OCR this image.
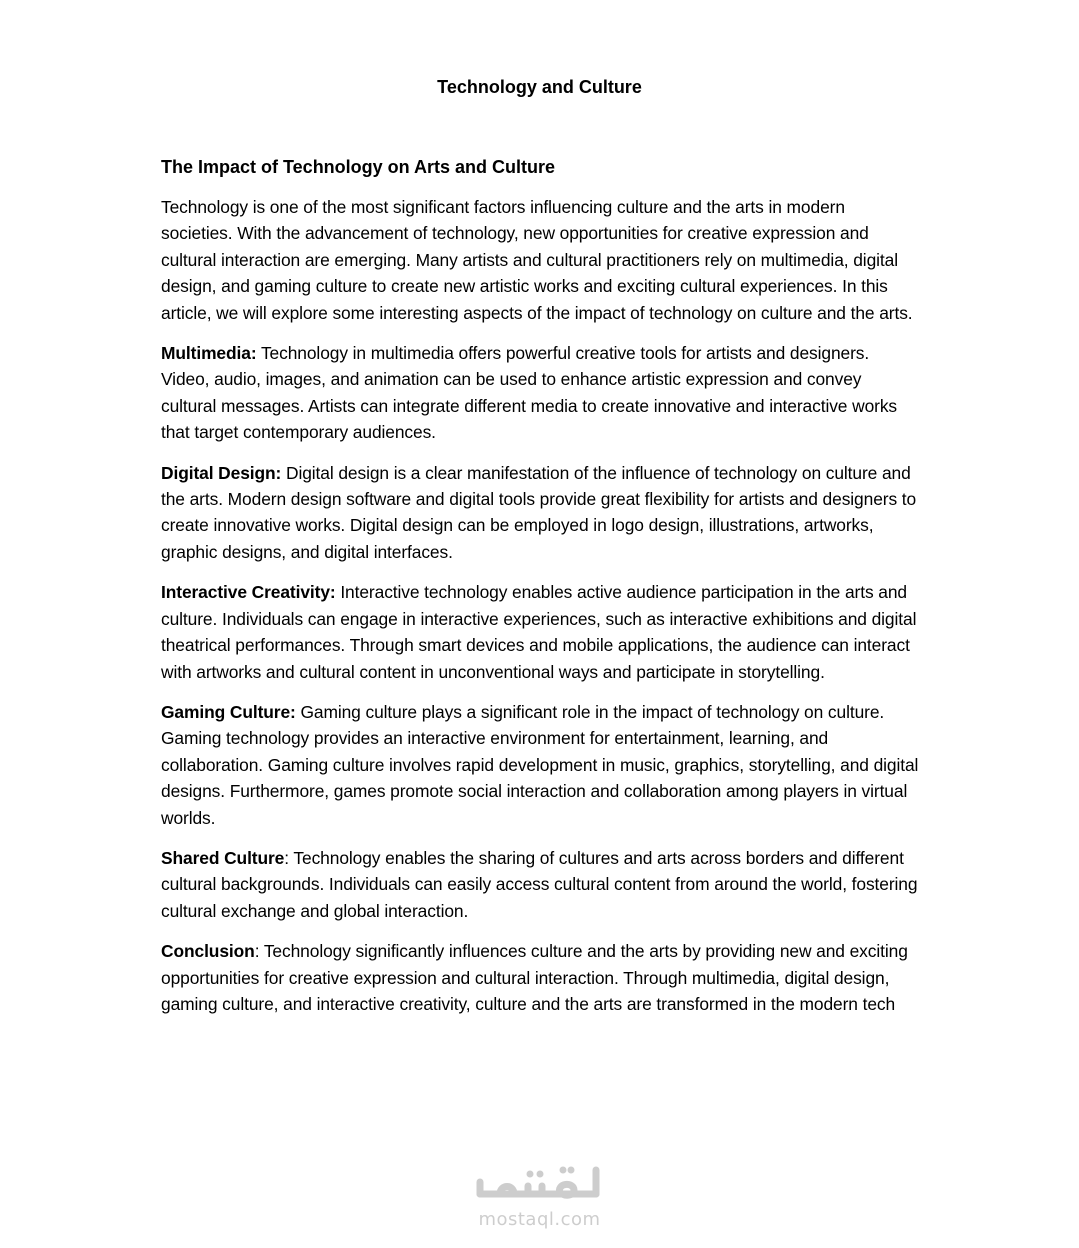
Technology and Culture
The Impact of Technology on Arts and Culture

Technology is one of the most significant factors influencing culture and the arts in modern societies. With the advancement of technology, new opportunities for creative expression and cultural interaction are emerging. Many artists and cultural practitioners rely on multimedia, digital design, and gaming culture to create new artistic works and exciting cultural experiences. In this article, we will explore some interesting aspects of the impact of technology on culture and the arts.

Multimedia: Technology in multimedia offers powerful creative tools for artists and designers. Video, audio, images, and animation can be used to enhance artistic expression and convey cultural messages. Artists can integrate different media to create innovative and interactive works that target contemporary audiences.

Digital Design: Digital design is a clear manifestation of the influence of technology on culture and the arts. Modern design software and digital tools provide great flexibility for artists and designers to create innovative works. Digital design can be employed in logo design, illustrations, artworks, graphic designs, and digital interfaces.

Interactive Creativity: Interactive technology enables active audience participation in the arts and culture. Individuals can engage in interactive experiences, such as interactive exhibitions and digital theatrical performances. Through smart devices and mobile applications, the audience can interact with artworks and cultural content in unconventional ways and participate in storytelling.

Gaming Culture: Gaming culture plays a significant role in the impact of technology on culture. Gaming technology provides an interactive environment for entertainment, learning, and collaboration. Gaming culture involves rapid development in music, graphics, storytelling, and digital designs. Furthermore, games promote social interaction and collaboration among players in virtual worlds.

Shared Culture: Technology enables the sharing of cultures and arts across borders and different cultural backgrounds. Individuals can easily access cultural content from around the world, fostering cultural exchange and global interaction.

Conclusion: Technology significantly influences culture and the arts by providing new and exciting opportunities for creative expression and cultural interaction. Through multimedia, digital design, gaming culture, and interactive creativity, culture and the arts are transformed in the modern tech

mostaql.com
